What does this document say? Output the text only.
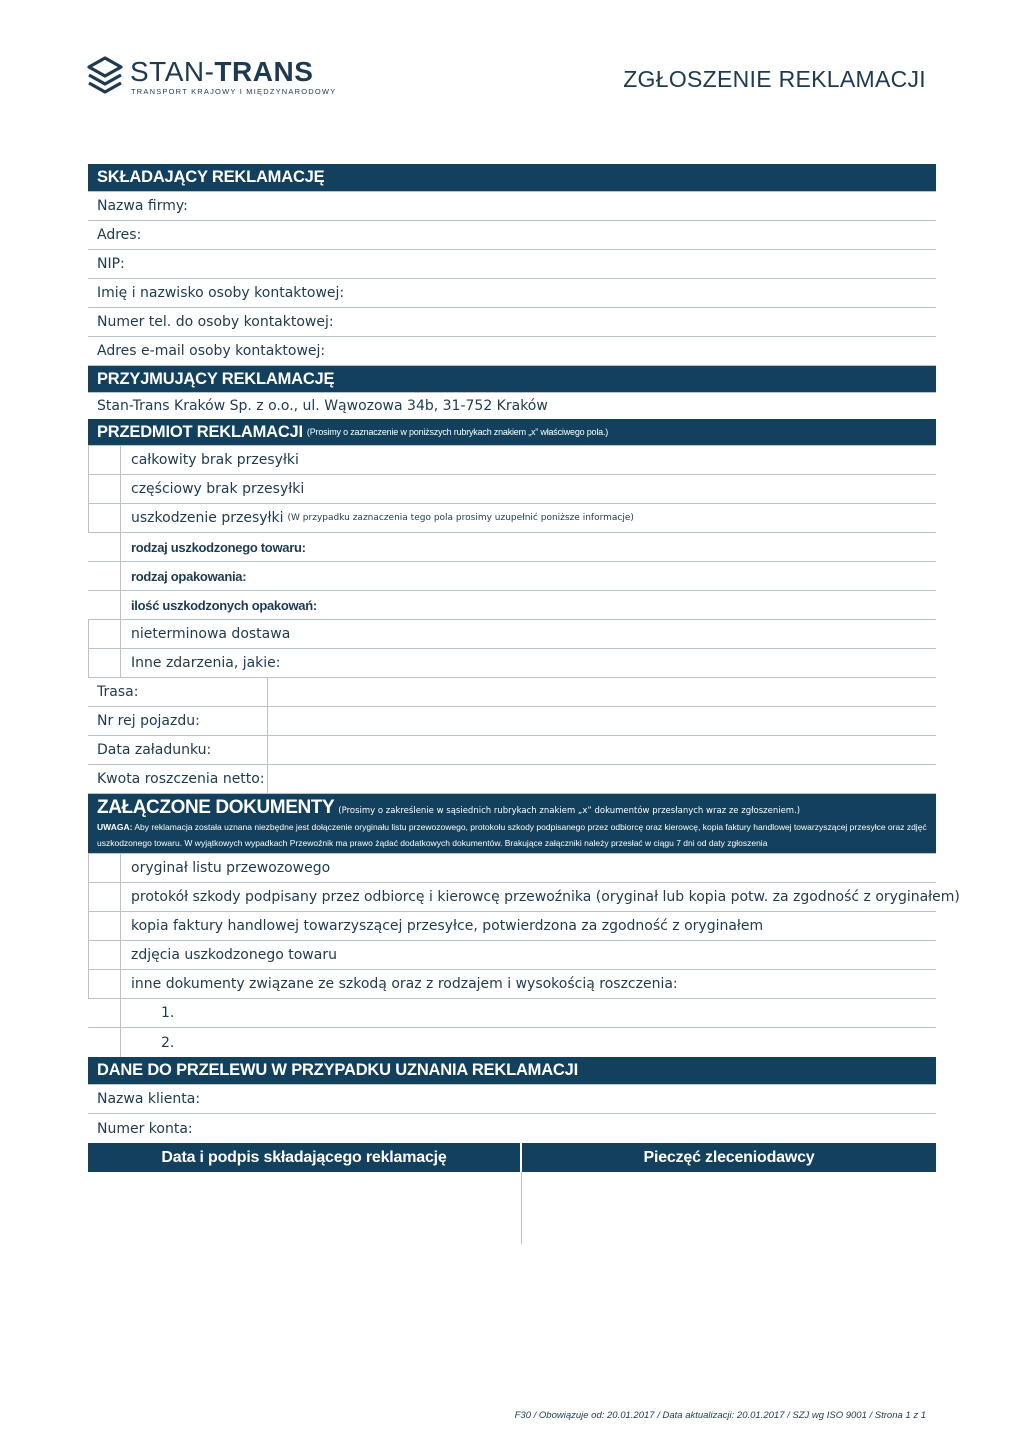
STAN-TRANS
TRANSPORT KRAJOWY I MIĘDZYNARODOWY	ZGŁOSZENIE REKLAMACJI
SKŁADAJĄCY REKLAMACJĘ
Nazwa firmy:
Adres:
NIP:
Imię i nazwisko osoby kontaktowej:
Numer tel. do osoby kontaktowej:
Adres e-mail osoby kontaktowej:
PRZYJMUJĄCY REKLAMACJĘ
Stan-Trans Kraków Sp. z o.o., ul. Wąwozowa 34b, 31-752 Kraków
PRZEDMIOT REKLAMACJI (Prosimy o zaznaczenie w poniższych rubrykach znakiem „x” właściwego pola.)
całkowity brak przesyłki
częściowy brak przesyłki
uszkodzenie przesyłki (W przypadku zaznaczenia tego pola prosimy uzupełnić poniższe informacje)
rodzaj uszkodzonego towaru:
rodzaj opakowania:
ilość uszkodzonych opakowań:
nieterminowa dostawa
Inne zdarzenia, jakie:
Trasa:
Nr rej pojazdu:
Data załadunku:
Kwota roszczenia netto:
ZAŁĄCZONE DOKUMENTY (Prosimy o zakreślenie w sąsiednich rubrykach znakiem „x” dokumentów przesłanych wraz ze zgłoszeniem.)
UWAGA: Aby reklamacja została uznana niezbędne jest dołączenie oryginału listu przewozowego, protokołu szkody podpisanego przez odbiorcę oraz kierowcę, kopia faktury handlowej towarzyszącej przesyłce oraz zdjęć uszkodzonego towaru. W wyjątkowych wypadkach Przewoźnik ma prawo żądać dodatkowych dokumentów. Brakujące załączniki należy przesłać w ciągu 7 dni od daty zgłoszenia
oryginał listu przewozowego
protokół szkody podpisany przez odbiorcę i kierowcę przewoźnika (oryginał lub kopia potw. za zgodność z oryginałem)
kopia faktury handlowej towarzyszącej przesyłce, potwierdzona za zgodność z oryginałem
zdjęcia uszkodzonego towaru
inne dokumenty związane ze szkodą oraz z rodzajem i wysokością roszczenia:
1.
2.
DANE DO PRZELEWU W PRZYPADKU UZNANIA REKLAMACJI
Nazwa klienta:
Numer konta:
Data i podpis składającego reklamację	Pieczęć zleceniodawcy
F30 / Obowiązuje od: 20.01.2017 / Data aktualizacji: 20.01.2017 / SZJ wg ISO 9001 / Strona 1 z 1
